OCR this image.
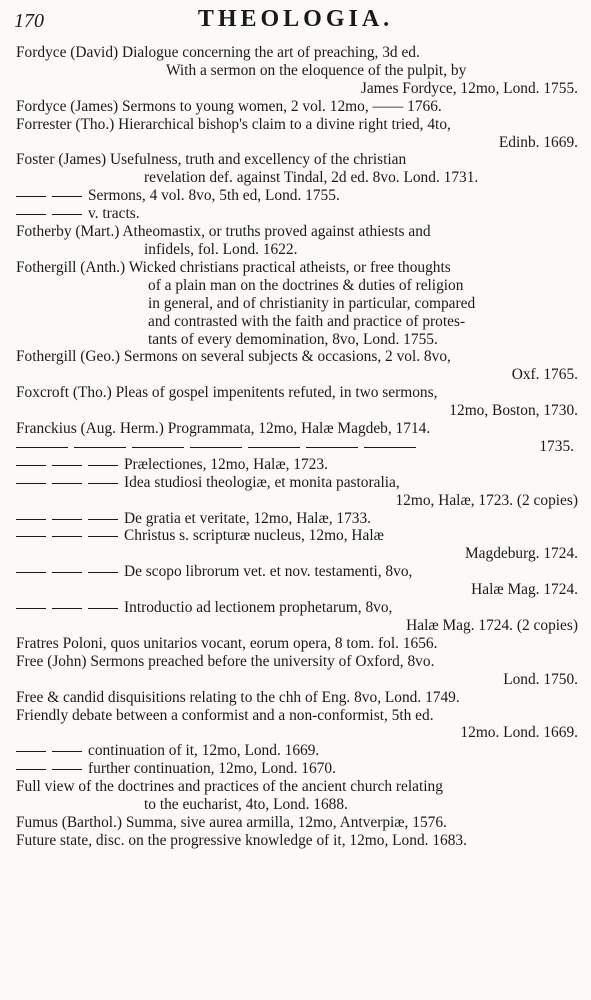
170	THEOLOGIA.
Fordyce (David) Dialogue concerning the art of preaching, 3d ed.
With a sermon on the eloquence of the pulpit, by
James Fordyce, 12mo, Lond. 1755.
Fordyce (James) Sermons to young women, 2 vol. 12mo, —— 1766.
Forrester (Tho.) Hierarchical bishop's claim to a divine right tried, 4to,
Edinb. 1669.
Foster (James) Usefulness, truth and excellency of the christian
revelation def. against Tindal, 2d ed. 8vo. Lond. 1731.
Sermons, 4 vol. 8vo, 5th ed, Lond. 1755.
v. tracts.
Fotherby (Mart.) Atheomastix, or truths proved against athiests and
infidels, fol. Lond. 1622.
Fothergill (Anth.) Wicked christians practical atheists, or free thoughts
of a plain man on the doctrines & duties of religion
in general, and of christianity in particular, compared
and contrasted with the faith and practice of protes-
tants of every demomination, 8vo, Lond. 1755.
Fothergill (Geo.) Sermons on several subjects & occasions, 2 vol. 8vo,
Oxf. 1765.
Foxcroft (Tho.) Pleas of gospel impenitents refuted, in two sermons,
12mo, Boston, 1730.
Franckius (Aug. Herm.) Programmata, 12mo, Halæ Magdeb, 1714.
1735.
Prælectiones, 12mo, Halæ, 1723.
Idea studiosi theologiæ, et monita pastoralia,
12mo, Halæ, 1723. (2 copies)
De gratia et veritate, 12mo, Halæ, 1733.
Christus s. scripturæ nucleus, 12mo, Halæ
Magdeburg. 1724.
De scopo librorum vet. et nov. testamenti, 8vo,
Halæ Mag. 1724.
Introductio ad lectionem prophetarum, 8vo,
Halæ Mag. 1724. (2 copies)
Fratres Poloni, quos unitarios vocant, eorum opera, 8 tom. fol. 1656.
Free (John) Sermons preached before the university of Oxford, 8vo.
Lond. 1750.
Free & candid disquisitions relating to the chh of Eng. 8vo, Lond. 1749.
Friendly debate between a conformist and a non-conformist, 5th ed.
12mo. Lond. 1669.
continuation of it, 12mo, Lond. 1669.
further continuation, 12mo, Lond. 1670.
Full view of the doctrines and practices of the ancient church relating
to the eucharist, 4to, Lond. 1688.
Fumus (Barthol.) Summa, sive aurea armilla, 12mo, Antverpiæ, 1576.
Future state, disc. on the progressive knowledge of it, 12mo, Lond. 1683.
